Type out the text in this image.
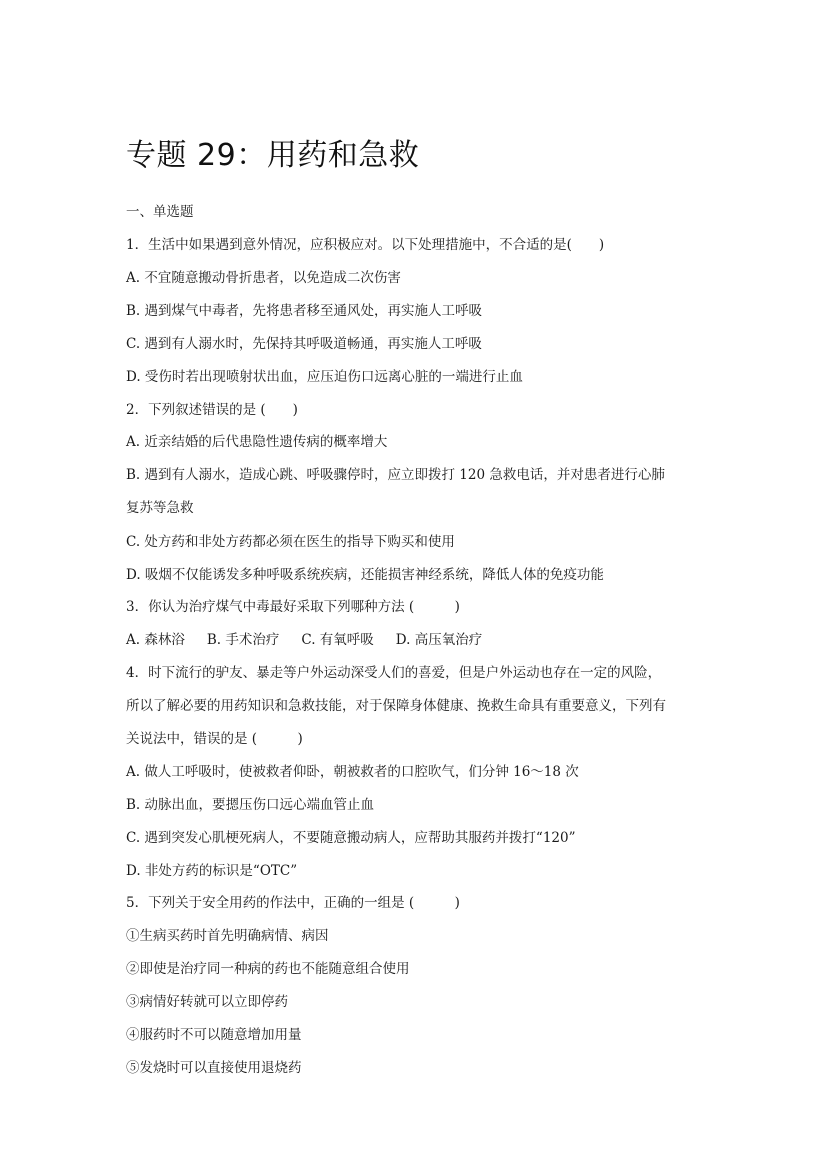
专题 29：用药和急救
一、单选题
1．生活中如果遇到意外情况，应积极应对。以下处理措施中，不合适的是(　　)
A. 不宜随意搬动骨折患者，以免造成二次伤害
B. 遇到煤气中毒者，先将患者移至通风处，再实施人工呼吸
C. 遇到有人溺水时，先保持其呼吸道畅通，再实施人工呼吸
D. 受伤时若出现喷射状出血，应压迫伤口远离心脏的一端进行止血
2．下列叙述错误的是 (　　)
A. 近亲结婚的后代患隐性遗传病的概率增大
B. 遇到有人溺水，造成心跳、呼吸骤停时，应立即拨打 120 急救电话，并对患者进行心肺
复苏等急救
C. 处方药和非处方药都必须在医生的指导下购买和使用
D. 吸烟不仅能诱发多种呼吸系统疾病，还能损害神经系统，降低人体的免疫功能
3．你认为治疗煤气中毒最好采取下列哪种方法 (　　　)
A. 森林浴 B. 手术治疗 C. 有氧呼吸 D. 高压氧治疗
4．时下流行的驴友、暴走等户外运动深受人们的喜爱，但是户外运动也存在一定的风险，
所以了解必要的用药知识和急救技能，对于保障身体健康、挽救生命具有重要意义，下列有
关说法中，错误的是 (　　　)
A. 做人工呼吸时，使被救者仰卧，朝被救者的口腔吹气，们分钟 16～18 次
B. 动脉出血，要摁压伤口远心端血管止血
C. 遇到突发心肌梗死病人，不要随意搬动病人，应帮助其服药并拨打“120”
D. 非处方药的标识是“OTC”
5．下列关于安全用药的作法中，正确的一组是 (　　　)
①生病买药时首先明确病情、病因
②即使是治疗同一种病的药也不能随意组合使用
③病情好转就可以立即停药
④服药时不可以随意增加用量
⑤发烧时可以直接使用退烧药
